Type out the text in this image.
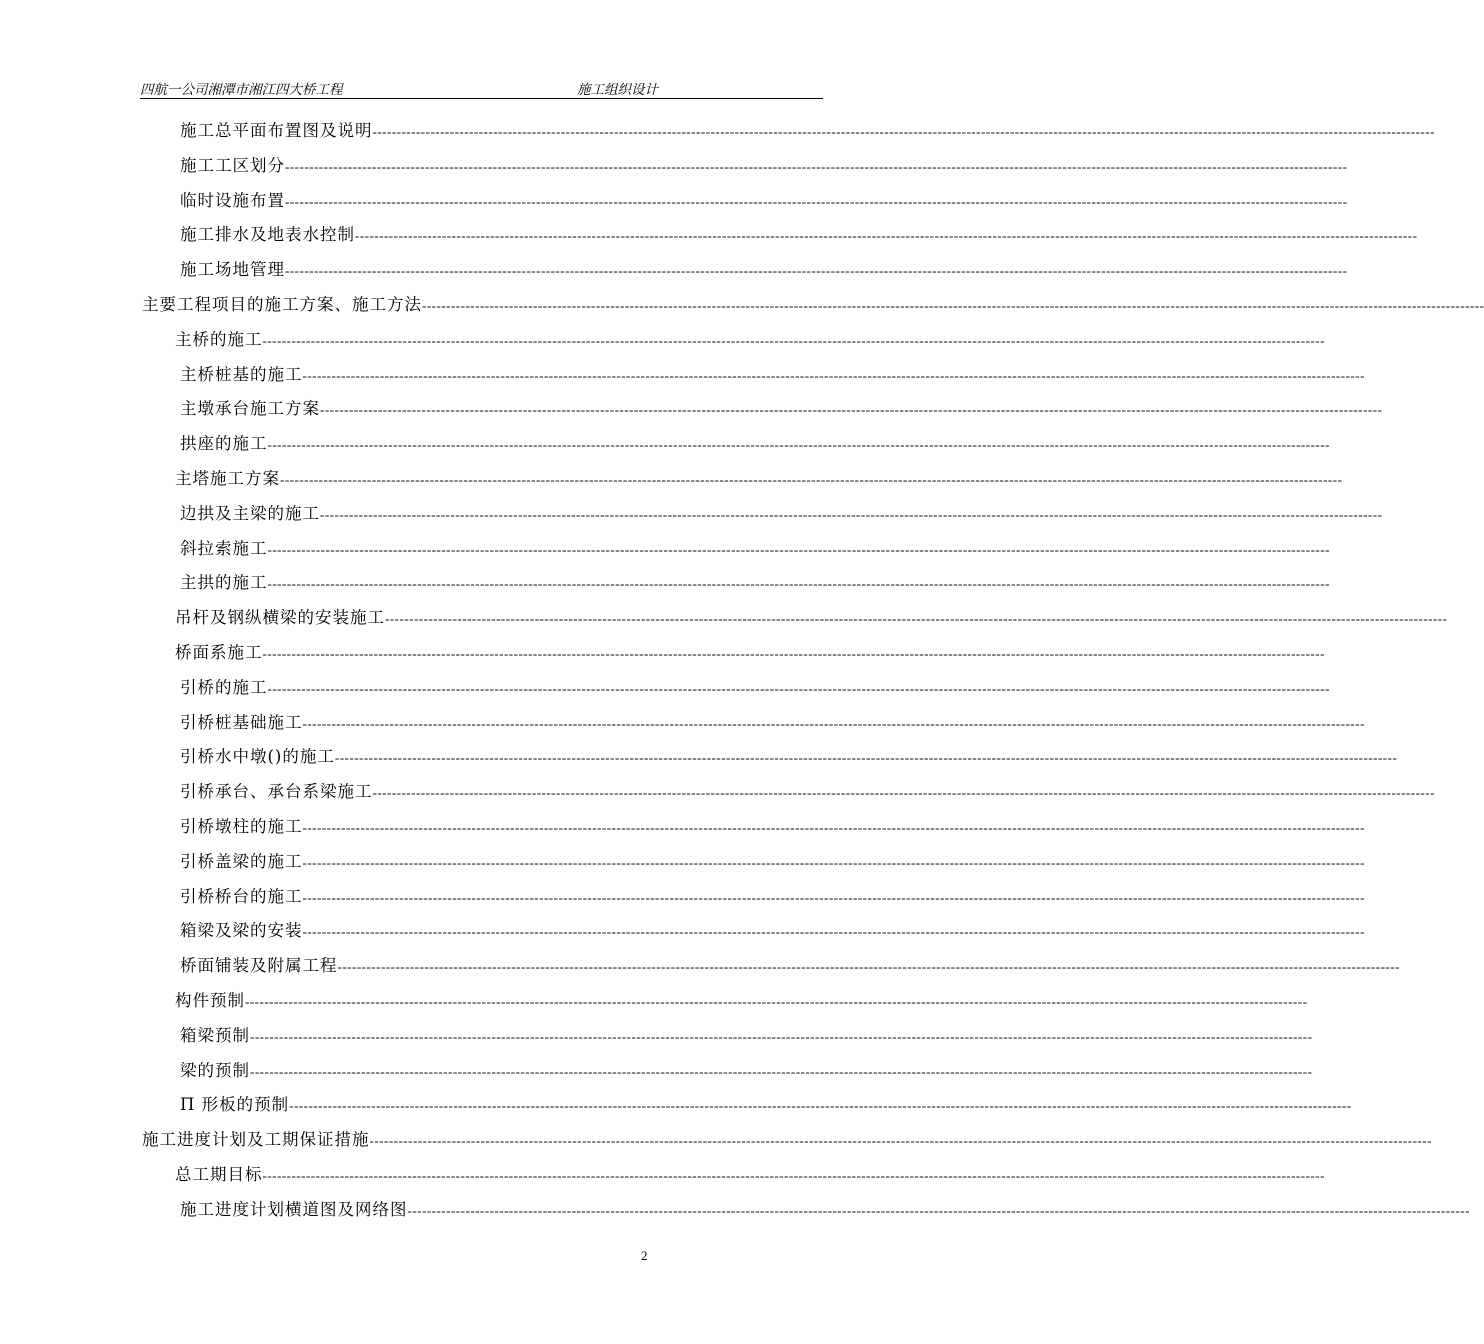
四航一公司湘潭市湘江四大桥工程	施工组织设计
施工总平面布置图及说明 ----------------------------------------------------------------------------------------------------------------------------------------------------------------------------------------------------------------------------
施工工区划分 ----------------------------------------------------------------------------------------------------------------------------------------------------------------------------------------------------------------------------
临时设施布置 ----------------------------------------------------------------------------------------------------------------------------------------------------------------------------------------------------------------------------
施工排水及地表水控制 ----------------------------------------------------------------------------------------------------------------------------------------------------------------------------------------------------------------------------
施工场地管理 ----------------------------------------------------------------------------------------------------------------------------------------------------------------------------------------------------------------------------
主要工程项目的施工方案、施工方法 ----------------------------------------------------------------------------------------------------------------------------------------------------------------------------------------------------------------------------
主桥的施工 ----------------------------------------------------------------------------------------------------------------------------------------------------------------------------------------------------------------------------
主桥桩基的施工 ----------------------------------------------------------------------------------------------------------------------------------------------------------------------------------------------------------------------------
主墩承台施工方案 ----------------------------------------------------------------------------------------------------------------------------------------------------------------------------------------------------------------------------
拱座的施工 ----------------------------------------------------------------------------------------------------------------------------------------------------------------------------------------------------------------------------
主塔施工方案 ----------------------------------------------------------------------------------------------------------------------------------------------------------------------------------------------------------------------------
边拱及主梁的施工 ----------------------------------------------------------------------------------------------------------------------------------------------------------------------------------------------------------------------------
斜拉索施工 ----------------------------------------------------------------------------------------------------------------------------------------------------------------------------------------------------------------------------
主拱的施工 ----------------------------------------------------------------------------------------------------------------------------------------------------------------------------------------------------------------------------
吊杆及钢纵横梁的安装施工 ----------------------------------------------------------------------------------------------------------------------------------------------------------------------------------------------------------------------------
桥面系施工 ----------------------------------------------------------------------------------------------------------------------------------------------------------------------------------------------------------------------------
引桥的施工 ----------------------------------------------------------------------------------------------------------------------------------------------------------------------------------------------------------------------------
引桥桩基础施工 ----------------------------------------------------------------------------------------------------------------------------------------------------------------------------------------------------------------------------
引桥水中墩()的施工 ----------------------------------------------------------------------------------------------------------------------------------------------------------------------------------------------------------------------------
引桥承台、承台系梁施工 ----------------------------------------------------------------------------------------------------------------------------------------------------------------------------------------------------------------------------
引桥墩柱的施工 ----------------------------------------------------------------------------------------------------------------------------------------------------------------------------------------------------------------------------
引桥盖梁的施工 ----------------------------------------------------------------------------------------------------------------------------------------------------------------------------------------------------------------------------
引桥桥台的施工 ----------------------------------------------------------------------------------------------------------------------------------------------------------------------------------------------------------------------------
箱梁及梁的安装 ----------------------------------------------------------------------------------------------------------------------------------------------------------------------------------------------------------------------------
桥面铺装及附属工程 ----------------------------------------------------------------------------------------------------------------------------------------------------------------------------------------------------------------------------
构件预制 ----------------------------------------------------------------------------------------------------------------------------------------------------------------------------------------------------------------------------
箱梁预制 ----------------------------------------------------------------------------------------------------------------------------------------------------------------------------------------------------------------------------
梁的预制 ----------------------------------------------------------------------------------------------------------------------------------------------------------------------------------------------------------------------------
Π 形板的预制 ----------------------------------------------------------------------------------------------------------------------------------------------------------------------------------------------------------------------------
施工进度计划及工期保证措施 ----------------------------------------------------------------------------------------------------------------------------------------------------------------------------------------------------------------------------
总工期目标 ----------------------------------------------------------------------------------------------------------------------------------------------------------------------------------------------------------------------------
施工进度计划横道图及网络图 ----------------------------------------------------------------------------------------------------------------------------------------------------------------------------------------------------------------------------
2
